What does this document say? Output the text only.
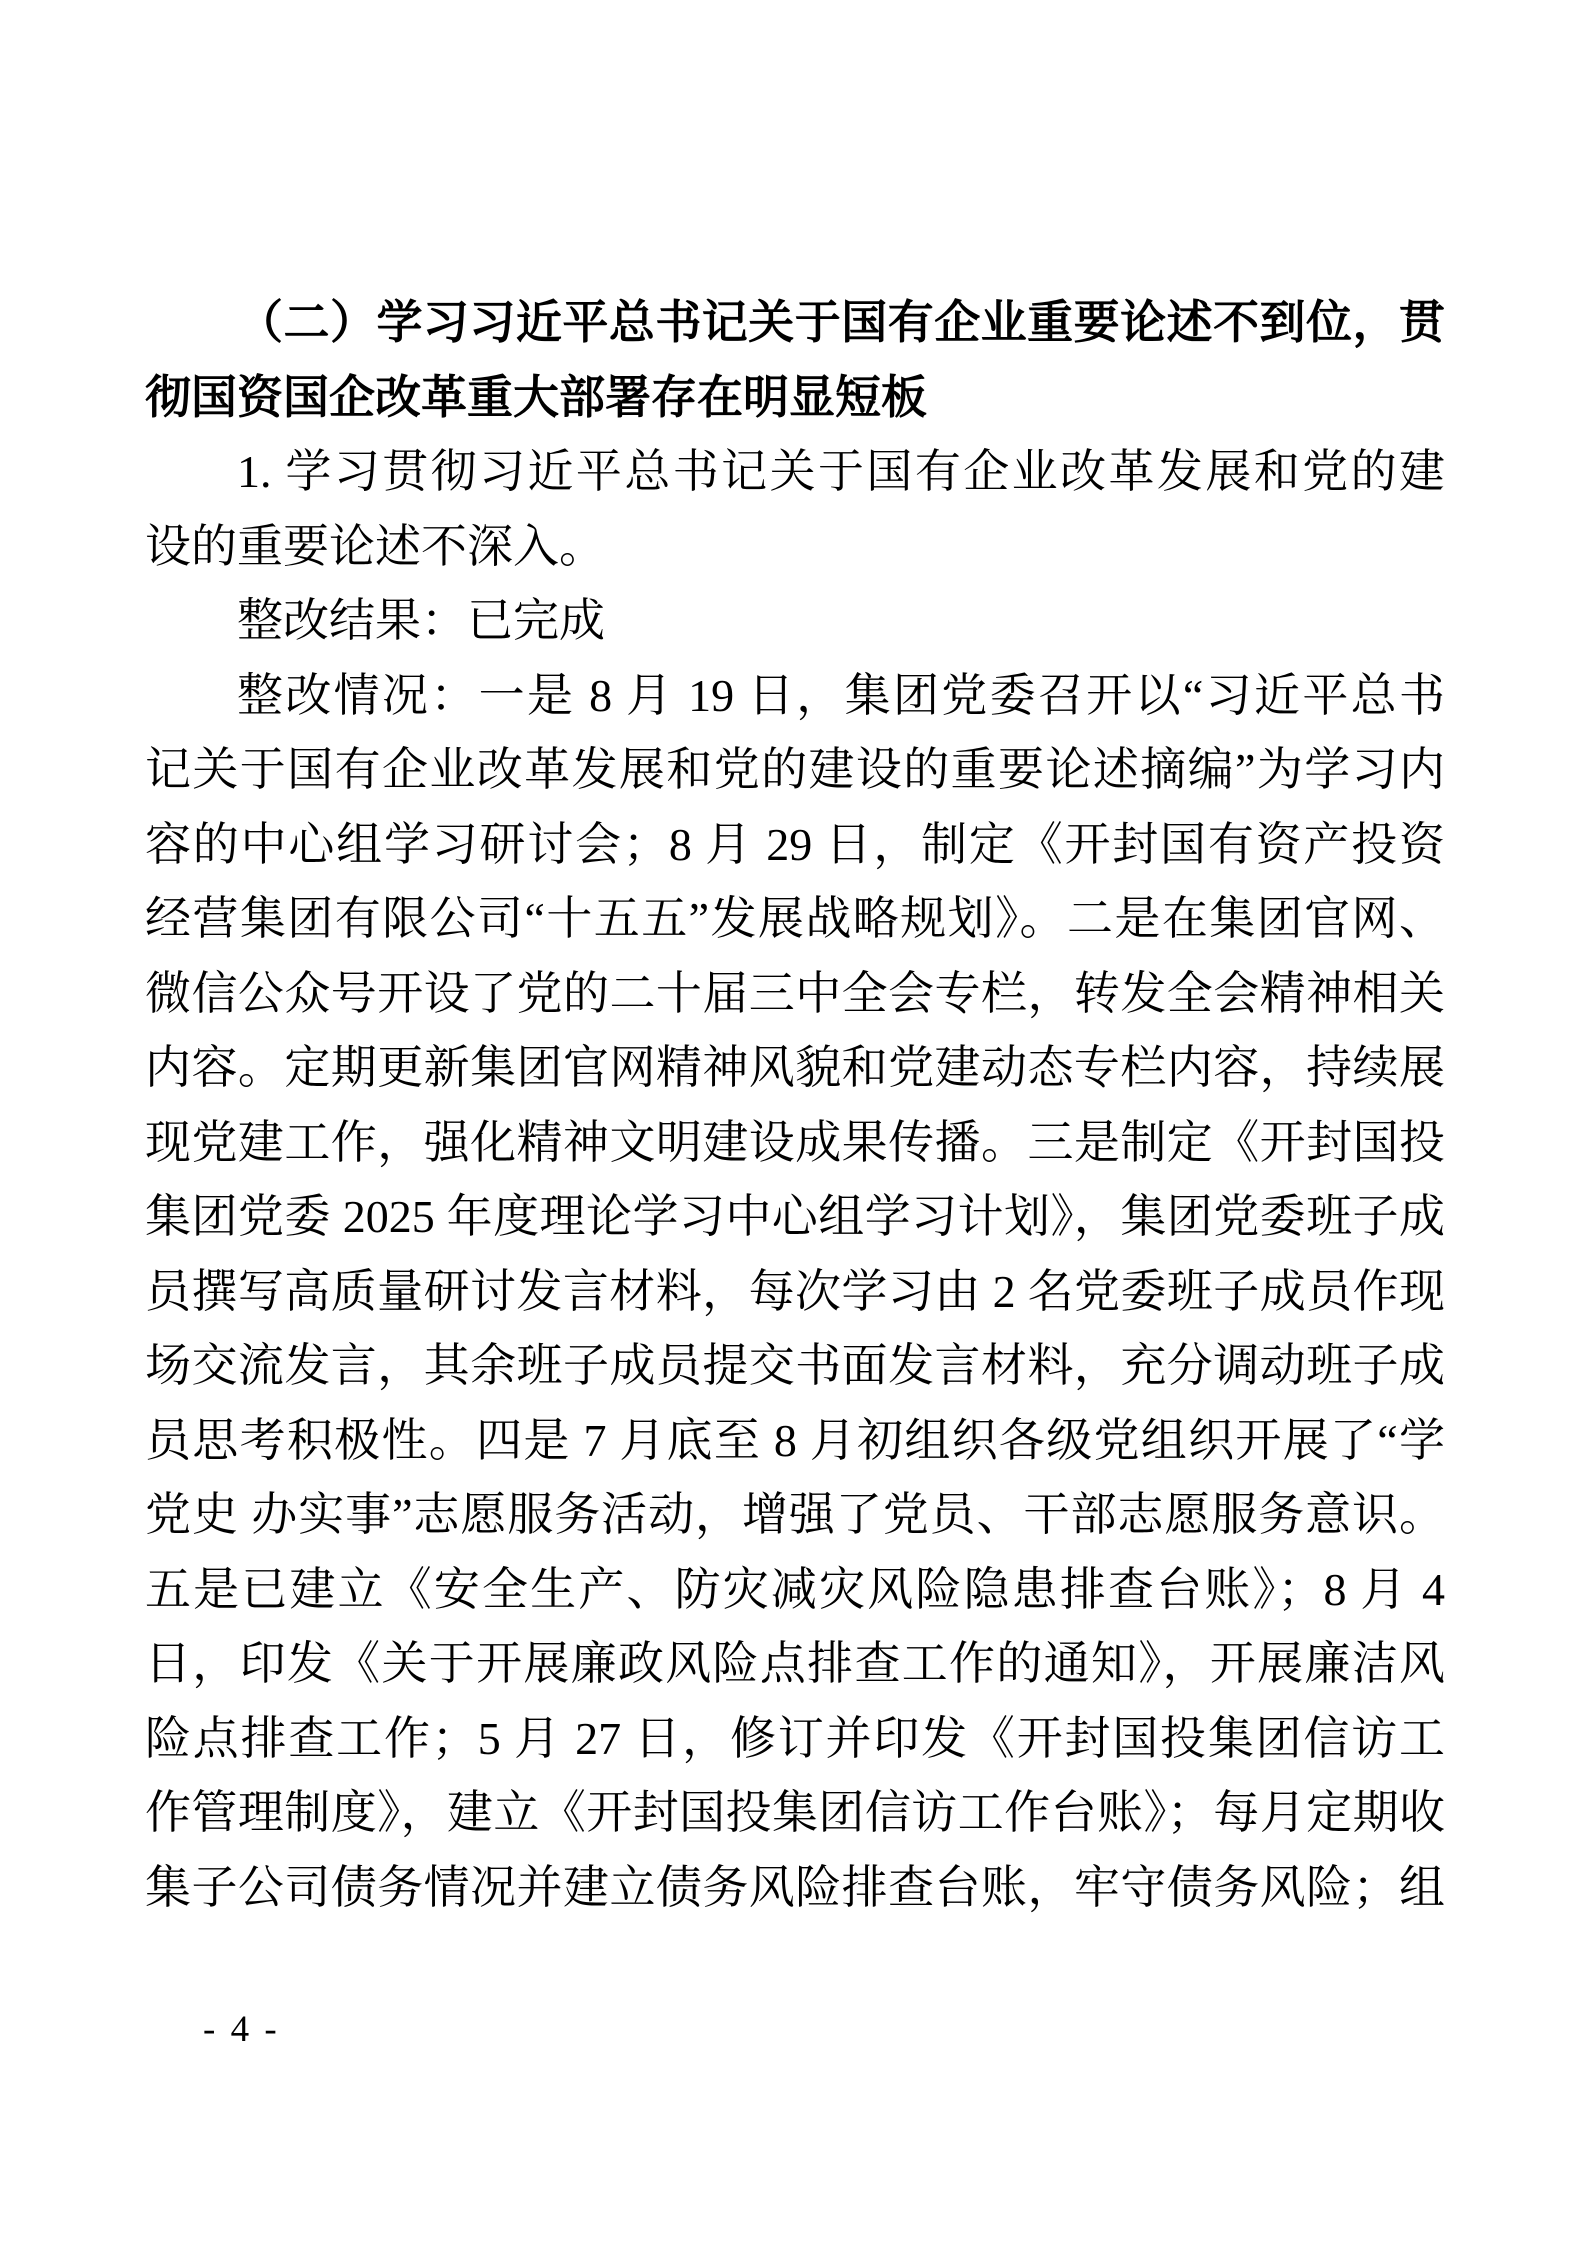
（二）学习习近平总书记关于国有企业重要论述不到位，贯
彻国资国企改革重大部署存在明显短板
1. 学习贯彻习近平总书记关于国有企业改革发展和党的建
设的重要论述不深入。
整改结果：已完成
整改情况：一是 8 月 19 日，集团党委召开以“习近平总书
记关于国有企业改革发展和党的建设的重要论述摘编”为学习内
容的中心组学习研讨会；8 月 29 日，制定《开封国有资产投资
经营集团有限公司“十五五”发展战略规划》。二是在集团官网、
微信公众号开设了党的二十届三中全会专栏，转发全会精神相关
内容。定期更新集团官网精神风貌和党建动态专栏内容，持续展
现党建工作，强化精神文明建设成果传播。三是制定《开封国投
集团党委 2025 年度理论学习中心组学习计划》，集团党委班子成
员撰写高质量研讨发言材料，每次学习由 2 名党委班子成员作现
场交流发言，其余班子成员提交书面发言材料，充分调动班子成
员思考积极性。四是 7 月底至 8 月初组织各级党组织开展了“学
党史 办实事”志愿服务活动，增强了党员、干部志愿服务意识。
五是已建立《安全生产、防灾减灾风险隐患排查台账》；8 月 4
日，印发《关于开展廉政风险点排查工作的通知》，开展廉洁风
险点排查工作；5 月 27 日，修订并印发《开封国投集团信访工
作管理制度》，建立《开封国投集团信访工作台账》；每月定期收
集子公司债务情况并建立债务风险排查台账，牢守债务风险；组
- 4 -
